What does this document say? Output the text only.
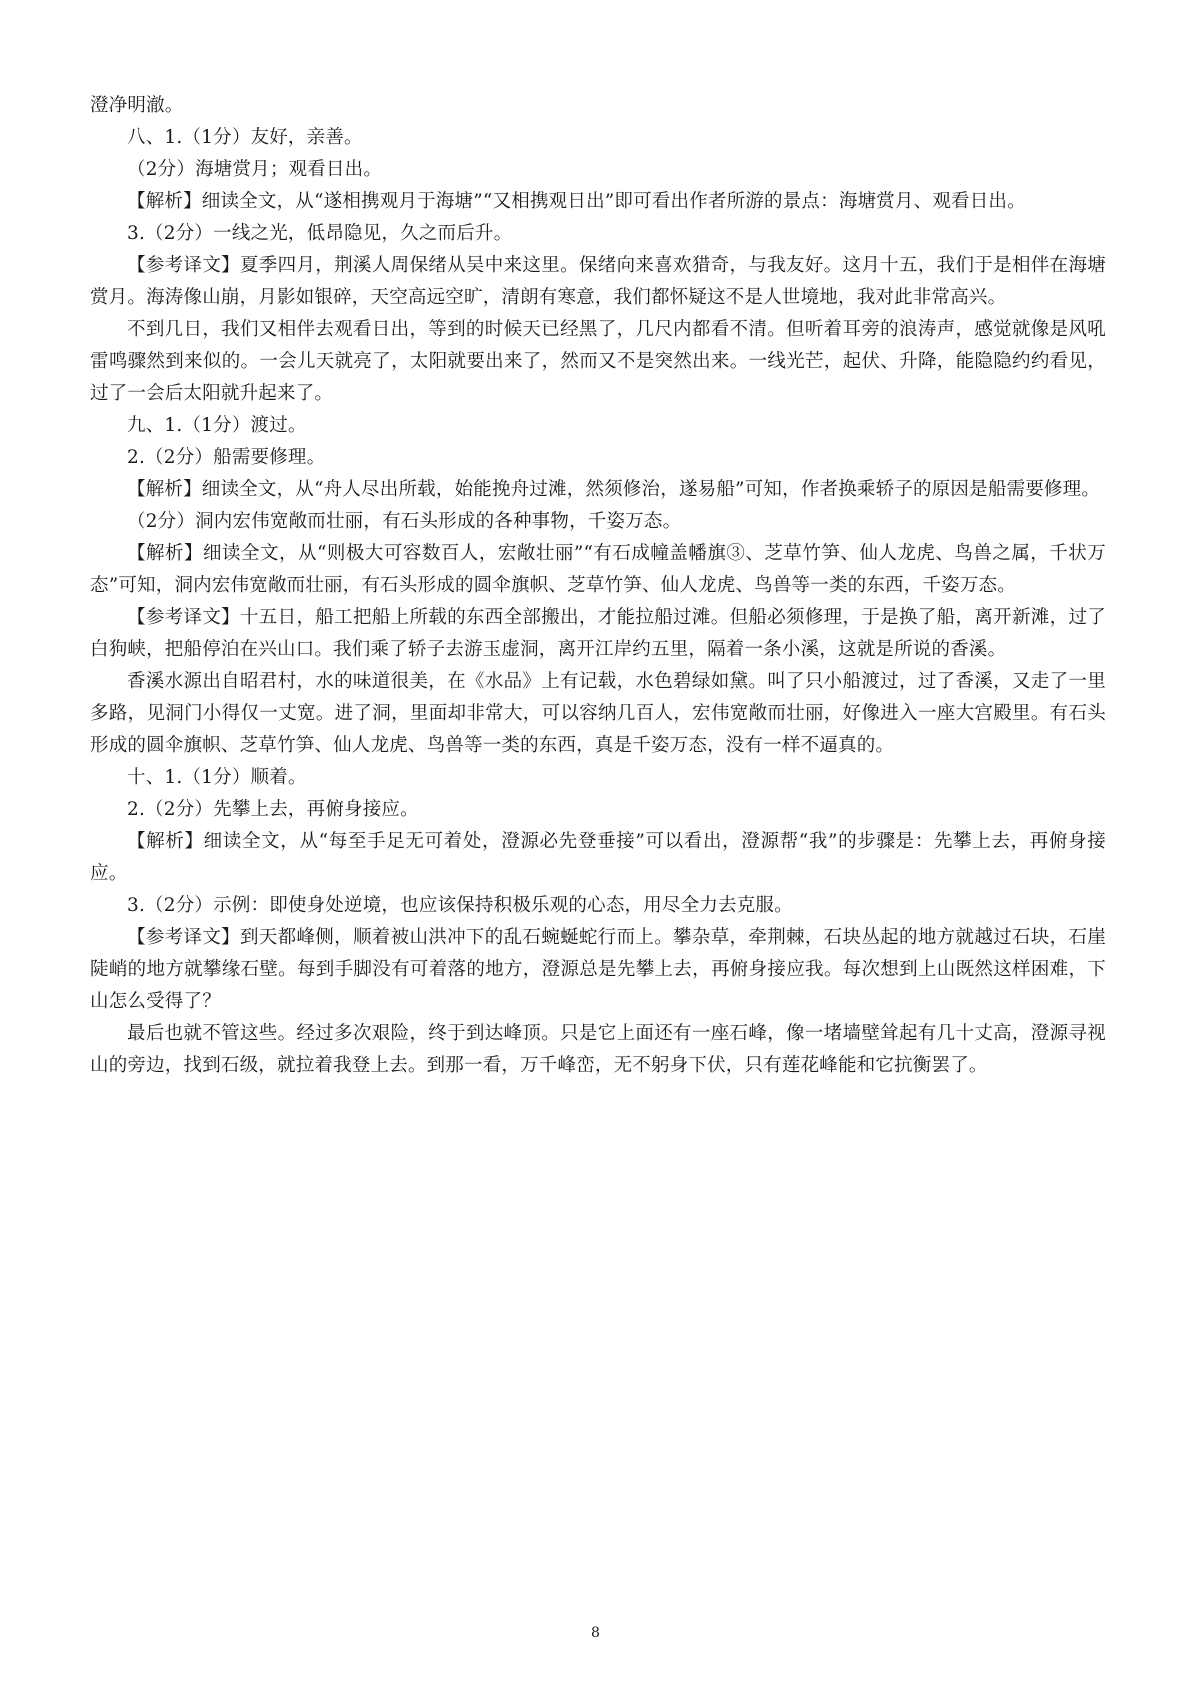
澄净明澈。

八、1.（1分）友好，亲善。

（2分）海塘赏月；观看日出。

【解析】细读全文，从“遂相携观月于海塘”“又相携观日出”即可看出作者所游的景点：海塘赏月、观看日出。

3.（2分）一线之光，低昂隐见，久之而后升。

【参考译文】夏季四月，荆溪人周保绪从吴中来这里。保绪向来喜欢猎奇，与我友好。这月十五，我们于是相伴在海塘赏月。海涛像山崩，月影如银碎，天空高远空旷，清朗有寒意，我们都怀疑这不是人世境地，我对此非常高兴。

不到几日，我们又相伴去观看日出，等到的时候天已经黑了，几尺内都看不清。但听着耳旁的浪涛声，感觉就像是风吼雷鸣骤然到来似的。一会儿天就亮了，太阳就要出来了，然而又不是突然出来。一线光芒，起伏、升降，能隐隐约约看见，过了一会后太阳就升起来了。

九、1.（1分）渡过。

2.（2分）船需要修理。

【解析】细读全文，从“舟人尽出所载，始能挽舟过滩，然须修治，遂易船”可知，作者换乘轿子的原因是船需要修理。

（2分）洞内宏伟宽敞而壮丽，有石头形成的各种事物，千姿万态。

【解析】细读全文，从“则极大可容数百人，宏敞壮丽”“有石成幢盖幡旗③、芝草竹笋、仙人龙虎、鸟兽之属，千状万态”可知，洞内宏伟宽敞而壮丽，有石头形成的圆伞旗帜、芝草竹笋、仙人龙虎、鸟兽等一类的东西，千姿万态。

【参考译文】十五日，船工把船上所载的东西全部搬出，才能拉船过滩。但船必须修理，于是换了船，离开新滩，过了白狗峡，把船停泊在兴山口。我们乘了轿子去游玉虚洞，离开江岸约五里，隔着一条小溪，这就是所说的香溪。

香溪水源出自昭君村，水的味道很美，在《水品》上有记载，水色碧绿如黛。叫了只小船渡过，过了香溪，又走了一里多路，见洞门小得仅一丈宽。进了洞，里面却非常大，可以容纳几百人，宏伟宽敞而壮丽，好像进入一座大宫殿里。有石头形成的圆伞旗帜、芝草竹笋、仙人龙虎、鸟兽等一类的东西，真是千姿万态，没有一样不逼真的。

十、1.（1分）顺着。

2.（2分）先攀上去，再俯身接应。

【解析】细读全文，从“每至手足无可着处，澄源必先登垂接”可以看出，澄源帮“我”的步骤是：先攀上去，再俯身接应。

3.（2分）示例：即使身处逆境，也应该保持积极乐观的心态，用尽全力去克服。

【参考译文】到天都峰侧，顺着被山洪冲下的乱石蜿蜒蛇行而上。攀杂草，牵荆棘，石块丛起的地方就越过石块，石崖陡峭的地方就攀缘石壁。每到手脚没有可着落的地方，澄源总是先攀上去，再俯身接应我。每次想到上山既然这样困难，下山怎么受得了？

最后也就不管这些。经过多次艰险，终于到达峰顶。只是它上面还有一座石峰，像一堵墙壁耸起有几十丈高，澄源寻视山的旁边，找到石级，就拉着我登上去。到那一看，万千峰峦，无不躬身下伏，只有莲花峰能和它抗衡罢了。

8
